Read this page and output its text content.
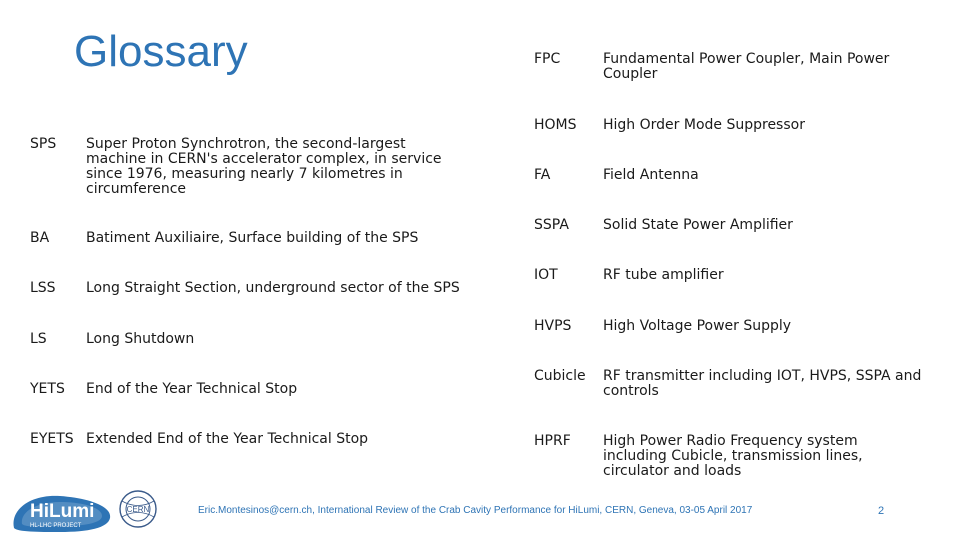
Glossary
SPS Super Proton Synchrotron, the second-largest machine in CERN's accelerator complex, in service since 1976, measuring nearly 7 kilometres in circumference
BA	Batiment Auxiliaire, Surface building of the SPS
LSS Long Straight Section, underground sector of the SPS
LS	Long Shutdown
YETS End of the Year Technical Stop
EYETS Extended End of the Year Technical Stop
FPC	Fundamental Power Coupler, Main Power Coupler
HOMS High Order Mode Suppressor
FA	Field Antenna
SSPA Solid State Power Amplifier
IOT	RF tube amplifier
HVPS High Voltage Power Supply
Cubicle RF transmitter including IOT, HVPS, SSPA and controls
HPRF High Power Radio Frequency system including Cubicle, transmission lines, circulator and loads
HiLumi
HL-LHC PROJECT
CERN	Eric.Montesinos@cern.ch, International Review of the Crab Cavity Performance for HiLumi, CERN, Geneva, 03-05 April 2017	2
